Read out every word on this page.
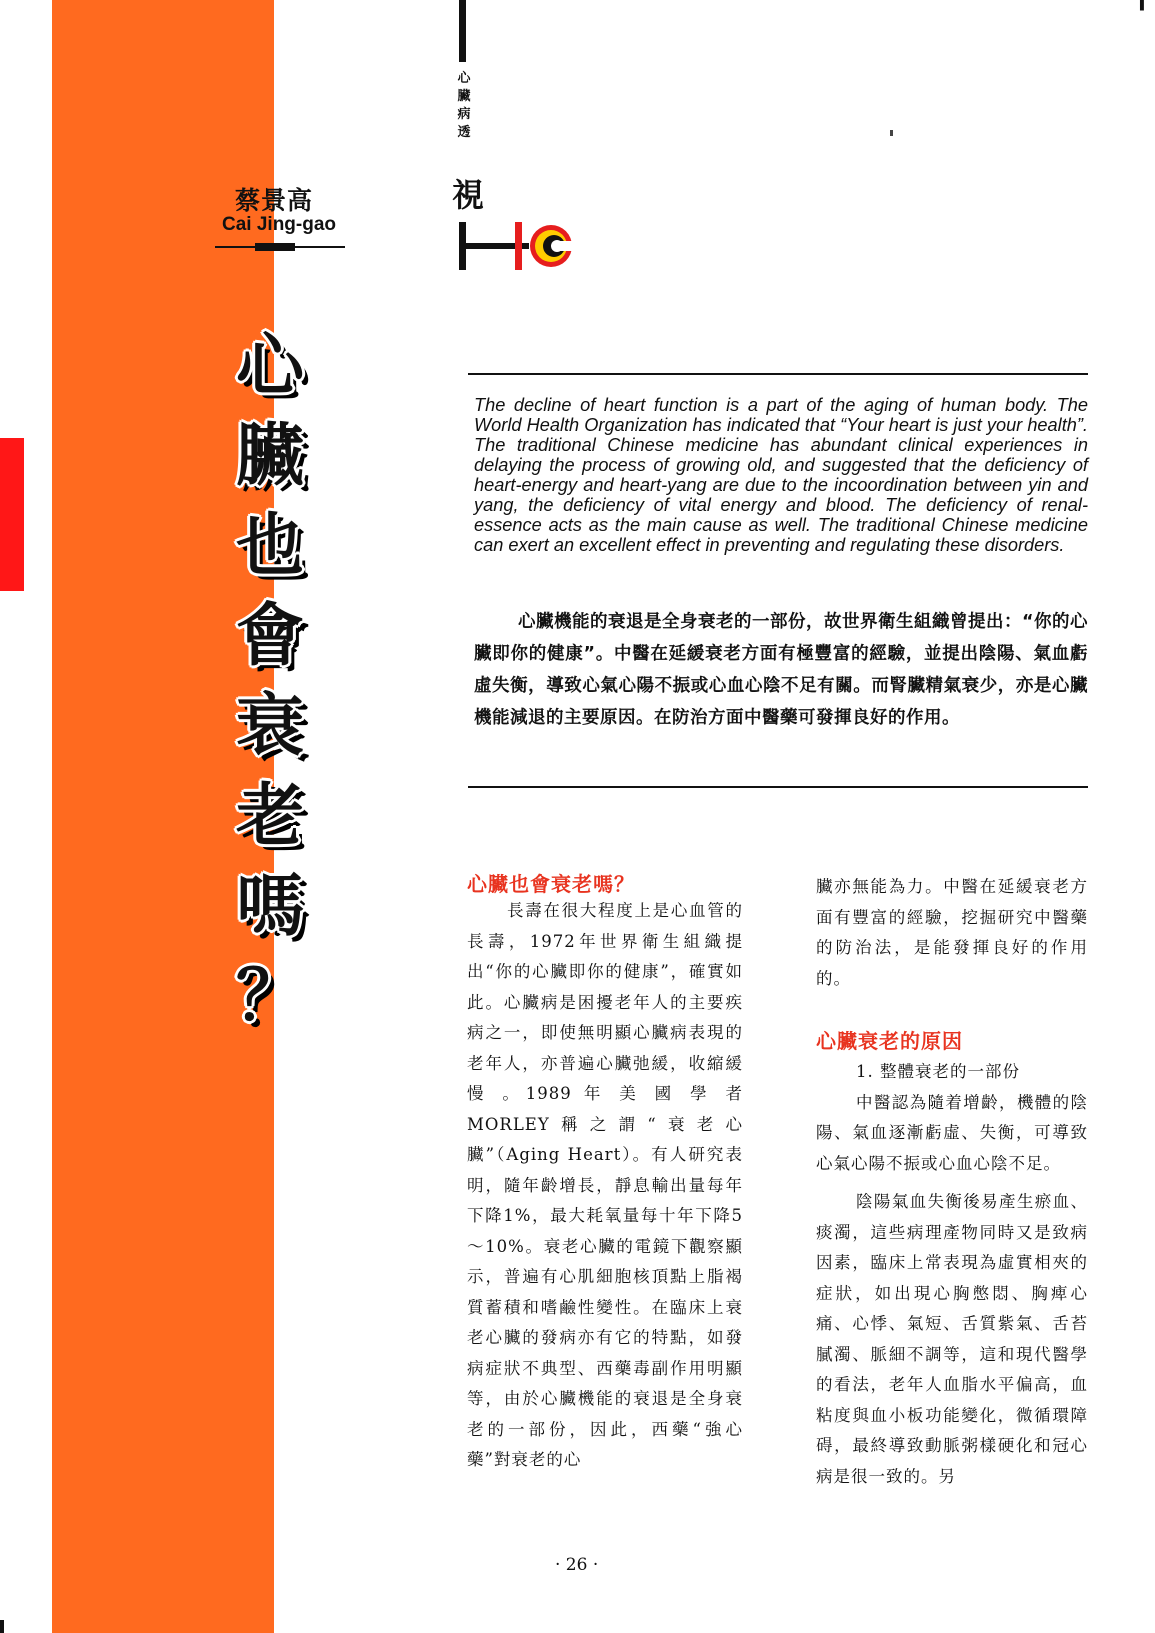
▌
蔡景高
Cai Jing-gao
心
臟
也
會
衰
老
嗎
？
心
臟
病
透
視
The decline of heart function is a part of the aging of human body. The World Health Organization has indicated that “Your heart is just your health”. The traditional Chinese medicine has abundant clinical experiences in delaying the process of growing old, and suggested that the deficiency of heart-energy and heart-yang are due to the incoordination between yin and yang, the deficiency of vital energy and blood. The deficiency of renal-essence acts as the main cause as well. The traditional Chinese medicine can exert an excellent effect in preventing and regulating these disorders.
心臟機能的衰退是全身衰老的一部份，故世界衛生組織曾提出：“你的心臟即你的健康”。中醫在延緩衰老方面有極豐富的經驗，並提出陰陽、氣血虧虛失衡，導致心氣心陽不振或心血心陰不足有關。而腎臟精氣衰少，亦是心臟機能減退的主要原因。在防治方面中醫藥可發揮良好的作用。
心臟也會衰老嗎？

長壽在很大程度上是心血管的長壽，1972年世界衛生組織提出“你的心臟即你的健康”，確實如此。心臟病是困擾老年人的主要疾病之一，即使無明顯心臟病表現的老年人，亦普遍心臟弛緩，收縮緩慢 。1989 年 美 國 學 者MORLEY稱之謂“衰老心臟”（Aging Heart）。有人研究表明，隨年齡增長，靜息輸出量每年下降1%，最大耗氧量每十年下降5～10%。衰老心臟的電鏡下觀察顯示，普遍有心肌細胞核頂點上脂褐質蓄積和嗜鹼性變性。在臨床上衰老心臟的發病亦有它的特點，如發病症狀不典型、西藥毒副作用明顯等，由於心臟機能的衰退是全身衰老的一部份，因此，西藥“強心藥”對衰老的心

臟亦無能為力。中醫在延緩衰老方面有豐富的經驗，挖掘研究中醫藥的防治法，是能發揮良好的作用的。

心臟衰老的原因

1. 整體衰老的一部份

中醫認為隨着增齡，機體的陰陽、氣血逐漸虧虛、失衡，可導致心氣心陽不振或心血心陰不足。

陰陽氣血失衡後易產生瘀血、痰濁，這些病理產物同時又是致病因素，臨床上常表現為虛實相夾的症狀，如出現心胸憋悶、胸痺心痛、心悸、氣短、舌質紫氣、舌苔膩濁、脈細不調等，這和現代醫學的看法，老年人血脂水平偏高，血粘度與血小板功能變化，微循環障碍，最終導致動脈粥樣硬化和冠心病是很一致的。另

· 26 ·
